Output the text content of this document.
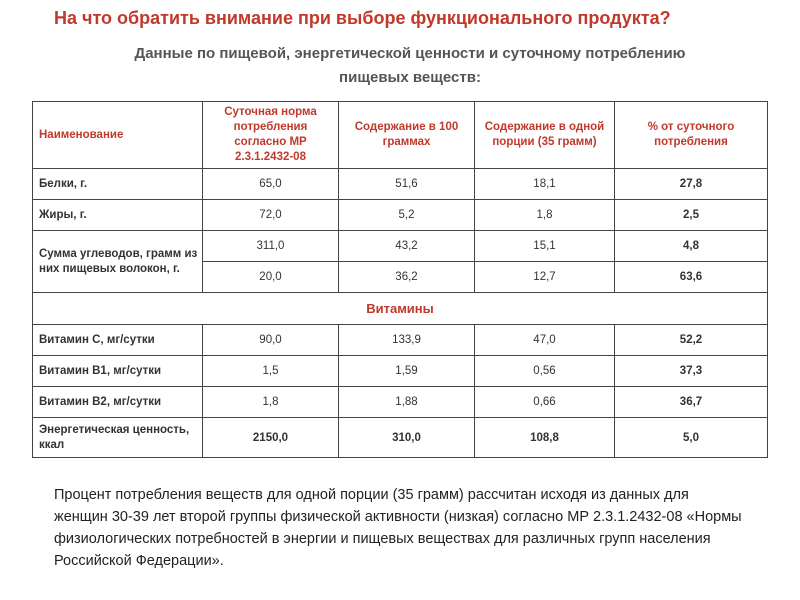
На что обратить внимание при выборе функционального продукта?
Данные по пищевой, энергетической ценности и суточному потреблению
пищевых веществ:
Наименование	Суточная норма потребления согласно МР 2.3.1.2432-08	Содержание в 100 граммах	Содержание в одной порции (35 грамм)	% от суточного потребления
Белки, г.	65,0	51,6	18,1	27,8
Жиры, г.	72,0	5,2	1,8	2,5
Сумма углеводов, грамм из них пищевых волокон, г.	311,0	43,2	15,1	4,8
	20,0	36,2	12,7	63,6
Витамины				
Витамин С, мг/сутки	90,0	133,9	47,0	52,2
Витамин В1, мг/сутки	1,5	1,59	0,56	37,3
Витамин В2, мг/сутки	1,8	1,88	0,66	36,7
Энергетическая ценность, ккал	2150,0	310,0	108,8	5,0
Процент потребления веществ для одной порции (35 грамм) рассчитан исходя из данных для женщин 30-39 лет второй группы физической активности (низкая) согласно МР 2.3.1.2432-08 «Нормы физиологических потребностей в энергии и пищевых веществах для различных групп населения Российской Федерации».
